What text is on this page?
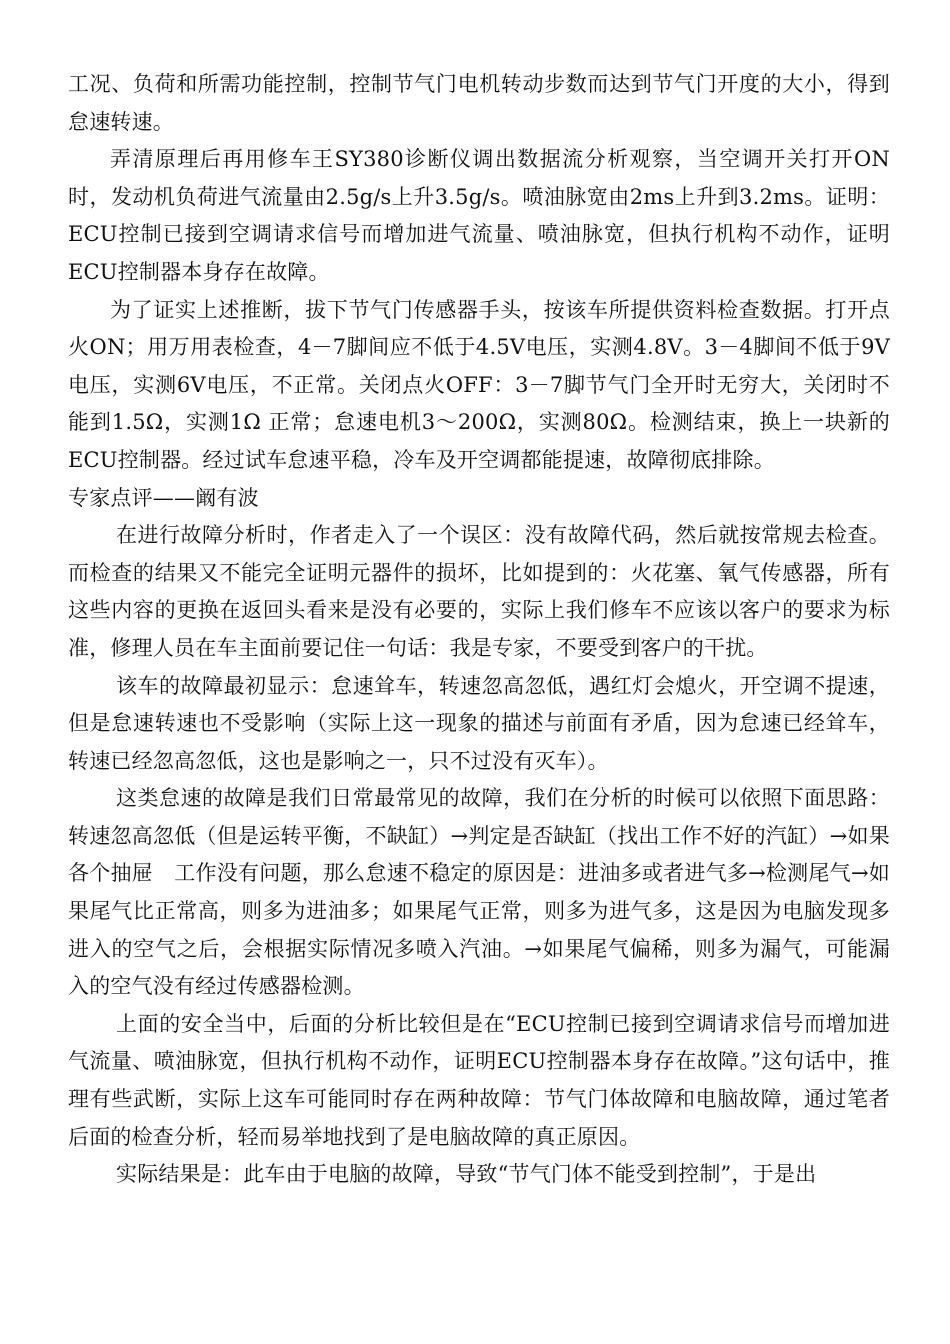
工况、负荷和所需功能控制，控制节气门电机转动步数而达到节气门开度的大小，得到怠速转速。

弄清原理后再用修车王SY380诊断仪调出数据流分析观察，当空调开关打开ON时，发动机负荷进气流量由2.5g/s上升3.5g/s。喷油脉宽由2ms上升到3.2ms。证明：ECU控制已接到空调请求信号而增加进气流量、喷油脉宽，但执行机构不动作，证明ECU控制器本身存在故障。

为了证实上述推断，拔下节气门传感器手头，按该车所提供资料检查数据。打开点火ON；用万用表检查，4－7脚间应不低于4.5V电压，实测4.8V。3－4脚间不低于9V电压，实测6V电压，不正常。关闭点火OFF：3－7脚节气门全开时无穷大，关闭时不能到1.5Ω，实测1Ω 正常；怠速电机3～200Ω，实测80Ω。检测结束，换上一块新的ECU控制器。经过试车怠速平稳，冷车及开空调都能提速，故障彻底排除。

专家点评——阚有波

在进行故障分析时，作者走入了一个误区：没有故障代码，然后就按常规去检查。而检查的结果又不能完全证明元器件的损坏，比如提到的：火花塞、氧气传感器，所有这些内容的更换在返回头看来是没有必要的，实际上我们修车不应该以客户的要求为标准，修理人员在车主面前要记住一句话：我是专家，不要受到客户的干扰。

该车的故障最初显示：怠速耸车，转速忽高忽低，遇红灯会熄火，开空调不提速，但是怠速转速也不受影响（实际上这一现象的描述与前面有矛盾，因为怠速已经耸车，转速已经忽高忽低，这也是影响之一，只不过没有灭车）。

这类怠速的故障是我们日常最常见的故障，我们在分析的时候可以依照下面思路：转速忽高忽低（但是运转平衡，不缺缸）→判定是否缺缸（找出工作不好的汽缸）→如果各个抽屉　工作没有问题，那么怠速不稳定的原因是：进油多或者进气多→检测尾气→如果尾气比正常高，则多为进油多；如果尾气正常，则多为进气多，这是因为电脑发现多进入的空气之后，会根据实际情况多喷入汽油。→如果尾气偏稀，则多为漏气，可能漏入的空气没有经过传感器检测。

上面的安全当中，后面的分析比较但是在“ECU控制已接到空调请求信号而增加进气流量、喷油脉宽，但执行机构不动作，证明ECU控制器本身存在故障。”这句话中，推理有些武断，实际上这车可能同时存在两种故障：节气门体故障和电脑故障，通过笔者后面的检查分析，轻而易举地找到了是电脑故障的真正原因。

实际结果是：此车由于电脑的故障，导致“节气门体不能受到控制”，于是出
